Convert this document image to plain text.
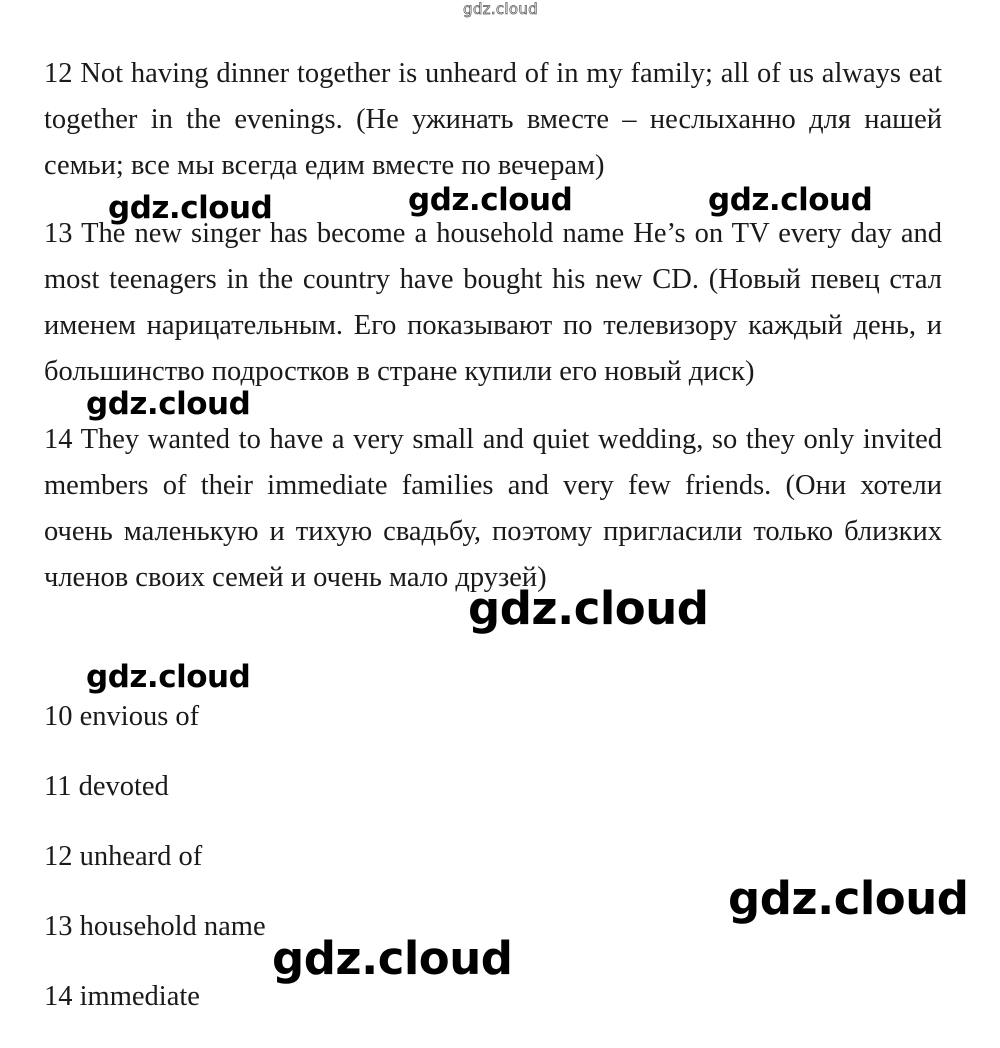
gdz.cloud
12 Not having dinner together is unheard of in my family; all of us always eat together in the evenings. (Не ужинать вместе – неслыханно для нашей семьи; все мы всегда едим вместе по вечерам)
13 The new singer has become a household name He’s on TV every day and most teenagers in the country have bought his new CD. (Новый певец стал именем нарицательным. Его показывают по телевизору каждый день, и большинство подростков в стране купили его новый диск)
14 They wanted to have a very small and quiet wedding, so they only invited members of their immediate families and very few friends. (Они хотели очень маленькую и тихую свадьбу, поэтому пригласили только близких членов своих семей и очень мало друзей)
10 envious of
11 devoted
12 unheard of
13 household name
14 immediate
gdz.cloud	gdz.cloud	gdz.cloud
gdz.cloud
gdz.cloud
gdz.cloud
gdz.cloud
gdz.cloud
